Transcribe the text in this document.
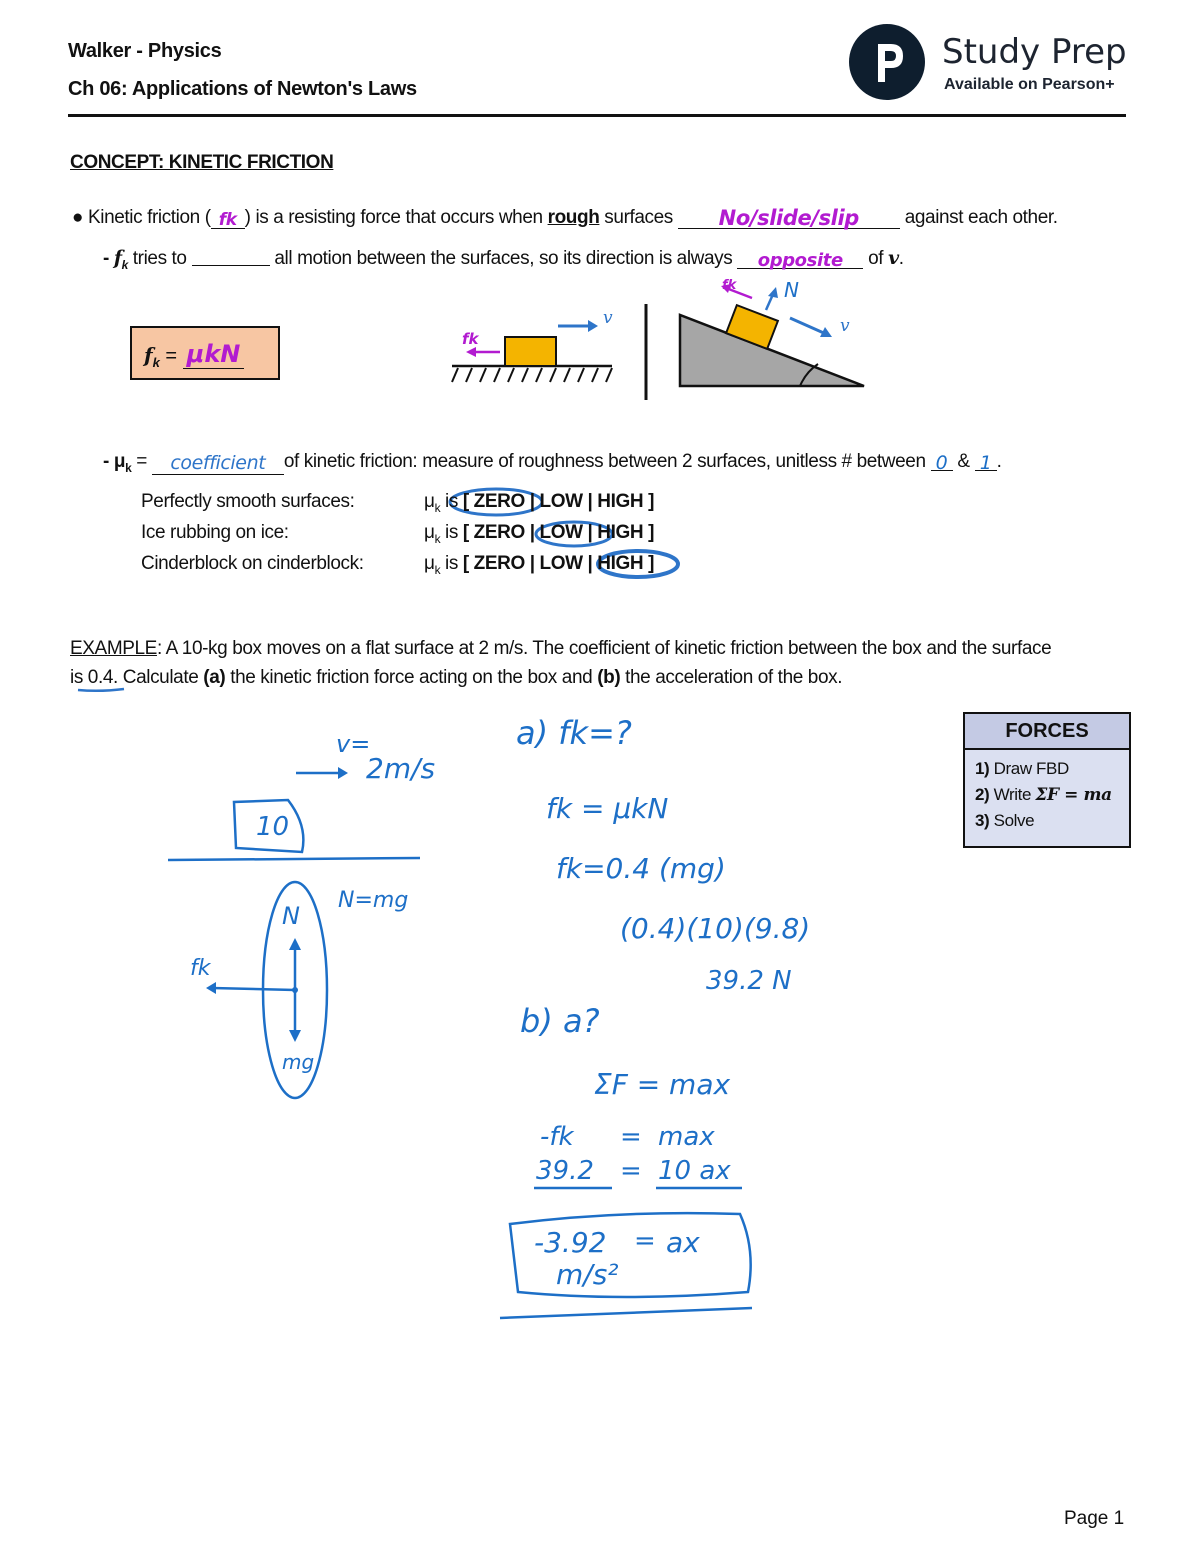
Walker - Physics
Ch 06: Applications of Newton's Laws
Study Prep
Available on Pearson+
CONCEPT: KINETIC FRICTION
● Kinetic friction ( fk ) is a resisting force that occurs when rough surfaces No/slide/slip against each other.
- $f_k$ tries to	all motion between the surfaces, so its direction is always opposite of v.
$f_k = \mu kN$
fk
v
fk N
v
- $\mu_k$ = coefficient of kinetic friction: measure of roughness between 2 surfaces, unitless # between 0 & 1 .
Perfectly smooth surfaces:	$\mu_k$ is [ ZERO | LOW | HIGH ]
Ice rubbing on ice:	$\mu_k$ is [ ZERO | LOW | HIGH ]
Cinderblock on cinderblock:	$\mu_k$ is [ ZERO | LOW | HIGH ]
EXAMPLE: A 10-kg box moves on a flat surface at 2 m/s. The coefficient of kinetic friction between the box and the surface
is 0.4. Calculate (a) the kinetic friction force acting on the box and (b) the acceleration of the box.
FORCES
1) Draw FBD
2) Write ΣF = ma
3) Solve
v=
2m/s
10
N
N=mg
fk
mg
a) fk=?
fk = μkN
fk=0.4 (mg)
(0.4)(10)(9.8)
39.2 N
b) a?
ΣF = max
-fk = max
39.2 = 10 ax
-3.92 = ax
m/s²
Page 1
